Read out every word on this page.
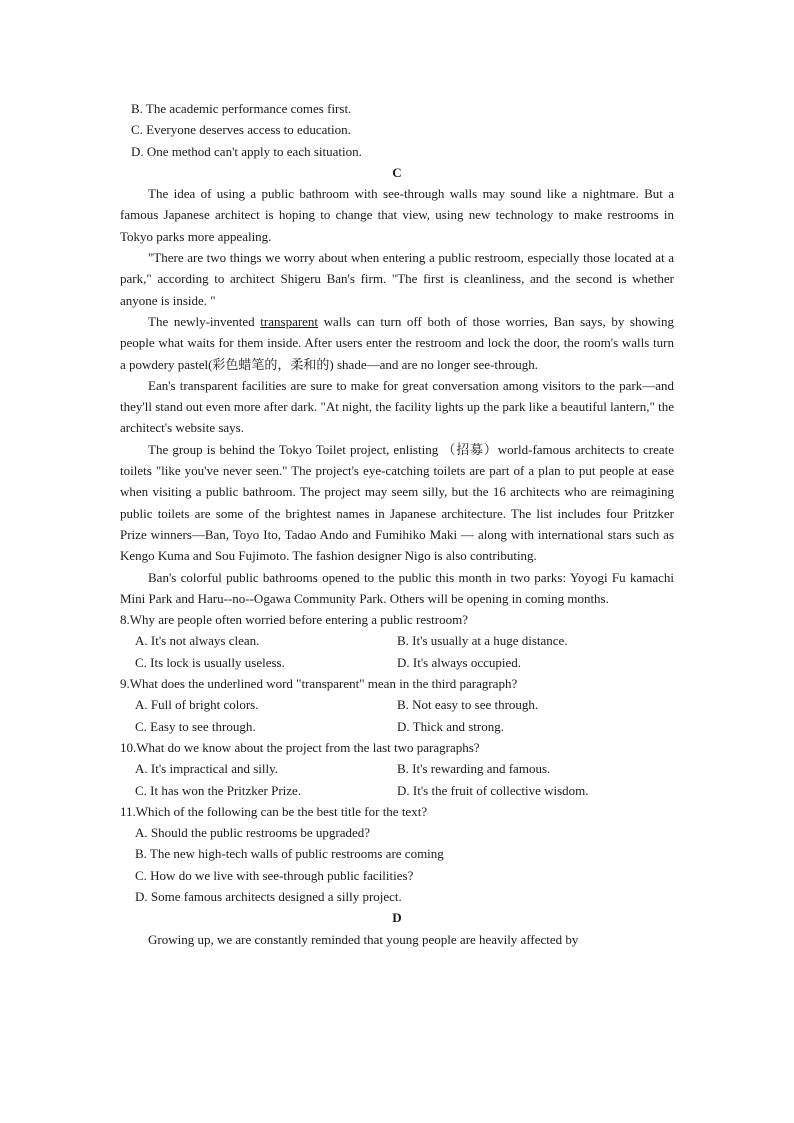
B. The academic performance comes first.

C. Everyone deserves access to education.

D. One method can't apply to each situation.

C

The idea of using a public bathroom with see-through walls may sound like a nightmare. But a famous Japanese architect is hoping to change that view, using new technology to make restrooms in Tokyo parks more appealing.

"There are two things we worry about when entering a public restroom, especially those located at a park," according to architect Shigeru Ban's firm. "The first is cleanliness, and the second is whether anyone is inside. "

The newly-invented transparent walls can turn off both of those worries, Ban says, by showing people what waits for them inside. After users enter the restroom and lock the door, the room's walls turn a powdery pastel(彩色蜡笔的，柔和的) shade—and are no longer see-through.

Ean's transparent facilities are sure to make for great conversation among visitors to the park—and they'll stand out even more after dark. "At night, the facility lights up the park like a beautiful lantern," the architect's website says.

The group is behind the Tokyo Toilet project, enlisting （招募）world-famous architects to create toilets "like you've never seen." The project's eye-catching toilets are part of a plan to put people at ease when visiting a public bathroom. The project may seem silly, but the 16 architects who are reimagining public toilets are some of the brightest names in Japanese architecture. The list includes four Pritzker Prize winners—Ban, Toyo Ito, Tadao Ando and Fumihiko Maki — along with international stars such as Kengo Kuma and Sou Fujimoto. The fashion designer Nigo is also contributing.

Ban's colorful public bathrooms opened to the public this month in two parks: Yoyogi Fu kamachi Mini Park and Haru--no--Ogawa Community Park. Others will be opening in coming months.

8.Why are people often worried before entering a public restroom?

A. It's not always clean.	B. It's usually at a huge distance.
C. Its lock is usually useless.	D. It's always occupied.

9.What does the underlined word "transparent" mean in the third paragraph?

A. Full of bright colors.	B. Not easy to see through.
C. Easy to see through.	D. Thick and strong.

10.What do we know about the project from the last two paragraphs?

A. It's impractical and silly.	B. It's rewarding and famous.
C. It has won the Pritzker Prize.	D. It's the fruit of collective wisdom.

11.Which of the following can be the best title for the text?

A. Should the public restrooms be upgraded?

B. The new high-tech walls of public restrooms are coming

C. How do we live with see-through public facilities?

D. Some famous architects designed a silly project.

D

Growing up, we are constantly reminded that young people are heavily affected by
